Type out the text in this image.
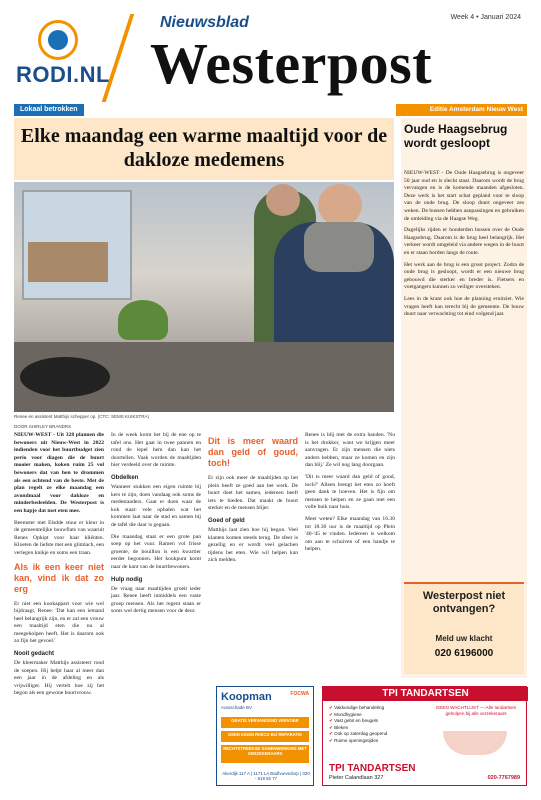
RODI.NL
Nieuwsblad
Westerpost
Week 4 • Januari 2024
Lokaal betrokken	Editie Amsterdam Nieuw West
Elke maandag een warme maaltijd voor de dakloze medemens
Renee en assistent Matthijs schepper op. (CTC: SEMS KUIKSTRA)
DOOR SHIRLEY BRANDRS

NIEUW-WEST - Uit 328 plannen die bewoners uit Nieuw-West in 2022 indienden voor het buurtbudget zien perio voor diagen die de buurt mooier maken, koken ruim 25 vol bewoners dat van hen te drommen als een ochtend van de beste. Met de plan regelt ze elke maandag een avondmaal voor dakloze en minderbedeelden. De Westerpost is een hapje dat met eten mee.

Beemster met Elsdde stuur er kleur in de gemeentelijke bouwflats van waaruit Renes Opkipt voor haar kliënten. Kloeten de liefste met een glimlach, een verlegen knikje en soms een traan.

Als ik een keer niet kan, vind ik dat zo erg

Er niet een kookappart voor wie wel bijdraagt, Renee: 'Dat kan een iemand heel belangrijk zijn, en er zal een vrouw een maaltijd eten die nu al meegeholpen heeft. Het is daarom ook zo fijn het gevoel.'

Nooit gedacht

De kleermaker Matthijs assisteert rond de soepen. Hij helpt haar al meer dan een jaar in de afdeling en als vrijwilliger. Hij vertelt hoe zij het begon als een gewone buurtvrouw.

In de week komt het bij de ene op te tafel ons. Het gaat in twee pannen en rond de lepel hem dan kan het doortellen. Vaak worden de maaltijden hier verdeeld over de ruimte.

Obdelken

Wanneer stukken een eigen ruimte bij kers te zijn, doen vandaag ook soms de medestanders. Gaat er doen waar de kok staat: vele ophalen wat het kommen laat naar de stad en samen bij de tafel die daar is gegaan.

Die maandag staat er een grote pan soep op het vuur. Ramen vol frisse groente, de bouillon is een kwartier eerder begonnen. Het kookpunt komt naar de kant van de buurtbewoners.

Hulp nodig

De vraag naar maaltijden groeit ieder jaar. Renee heeft inmiddels een vaste groep mensen. Als het regent staan er soms wel dertig mensen voor de deur.

Dit is meer waard dan geld of goud, toch!

Er zijn ook meer de maaltijden op het plein heeft ze goed aan het werk. De buurt doet het samen, iedereen heeft iets te bieden. Dat maakt de buurt sterker en de mensen blijer.

Goed of geld

Matthijs laat zien hoe hij begon. Veel klanten komen steeds terug. De sfeer is gezellig en er wordt veel gelachen tijdens het eten. Wie wil helpen kan zich melden.

Renee is blij met de extra handen. 'Nu is het drukker, want we krijgen meer aanvragen. Er zijn mensen die niets anders hebben, maar ze komen en zijn dan blij.' Ze wil nog lang doorgaan.

'Dit is meer waard dan geld of goud, toch?' Alleen brengt het eten zo hoeft geen dank te hoeven. Het is fijn om mensen te helpen en ze gaan met een volle buik naar huis.

Meer weten? Elke maandag van 16.30 tot 18.30 uur is de maaltijd op Plein '40-'45 te vinden. Iedereen is welkom om aan te schuiven of een handje te helpen.

Oude Haagsebrug wordt gesloopt

NIEUW-WEST - De Oude Haagsebrug is ongeveer 50 jaar oud en is slecht staat. Daarom wordt de brug vervangen en is de komende maanden afgesloten. Deze werk is het start schat gepland voor te sloop van de oude brug. De sloop duurt ongeveer zes weken. De bussen hebben aanpassingen en gebruiken de omleiding via de Haagse Weg.

Dagelijks rijden er honderden bussen over de Oude Haagsebrug. Daarom is de brug heel belangrijk. Het verkeer wordt omgeleid via andere wegen in de buurt en er staan borden langs de route.

Het werk aan de brug is een groot project. Zodra de oude brug is gesloopt, wordt er een nieuwe brug gebouwd die sterker en breder is. Fietsers en voetgangers kunnen zo veiliger oversteken.

Lees in de krant ook hoe de planning eruitziet. Wie vragen heeft kan terecht bij de gemeente. De bouw duurt naar verwachting tot eind volgend jaar.

Westerpost niet ontvangen?
Meld uw klacht
020 6196000
Koopman
Autoschade BV
FOCWA
GRATIS VERVANGEND VERVOER
GEEN EIGEN RISICO BIJ REPARATIE
RECHTSTREEKSE SAMENWERKING MET VERZEKERAARS
Akerdijk 117 A | 1171 LA Badhoevedorp | 020 - 619 82 77
TPI TANDARTSEN
✔ Vakkundige behandeling
✔ Mondhygiene
✔ Vast gebit en beugels
✔ Bleken
✔ Ook op zaterdag geopend
✔ Ruime openingstijden
GEEN WACHTLIJST — Alle tandartsen geholpen bij alle verzekeraars
TPI TANDARTSEN
Pieter Calandlaan 327	020-7767989
